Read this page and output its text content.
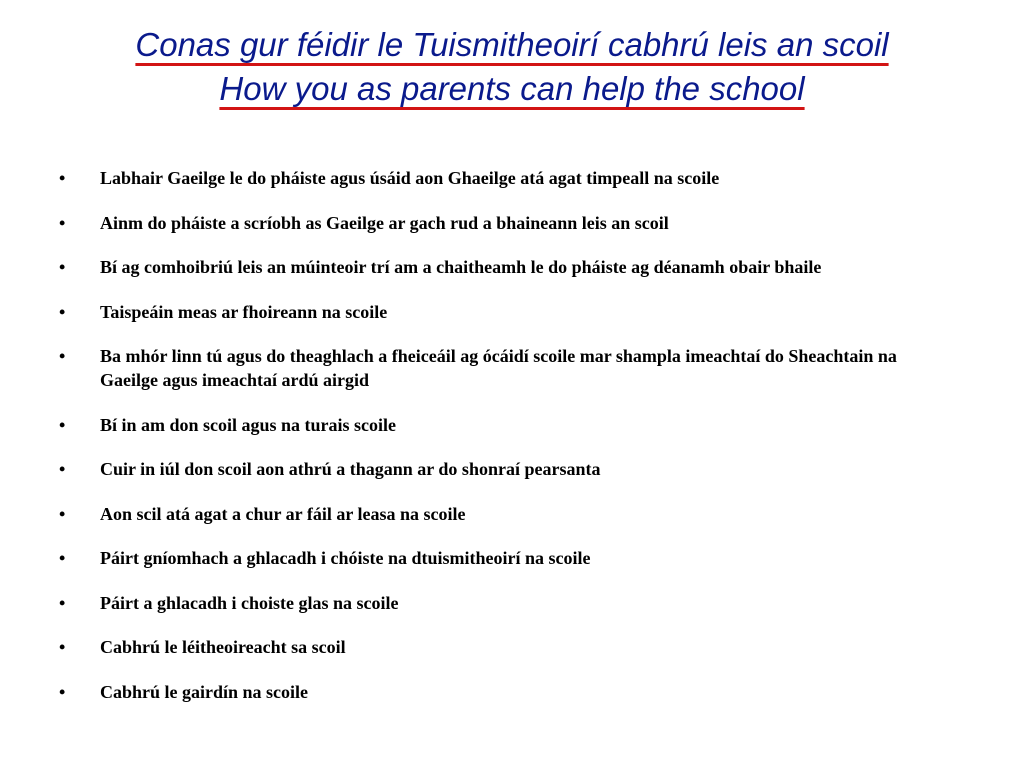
Conas gur féidir le Tuismitheoirí cabhrú leis an scoil
How you as parents can help the school
• Labhair Gaeilge le do pháiste agus úsáid aon Ghaeilge atá agat timpeall na scoile
• Ainm do pháiste a scríobh as Gaeilge ar gach rud a bhaineann leis an scoil
• Bí ag comhoibriú leis an múinteoir trí am a chaitheamh le do pháiste ag déanamh obair bhaile
• Taispeáin meas ar fhoireann na scoile
• Ba mhór linn tú agus do theaghlach a fheiceáil ag ócáidí scoile mar shampla imeachtaí do Sheachtain na Gaeilge agus imeachtaí ardú airgid
• Bí in am don scoil agus na turais scoile
• Cuir in iúl don scoil aon athrú a thagann ar do shonraí pearsanta
• Aon scil atá agat a chur ar fáil ar leasa na scoile
• Páirt gníomhach a ghlacadh i chóiste na dtuismitheoirí na scoile
• Páirt a ghlacadh i choiste glas na scoile
• Cabhrú le léitheoireacht sa scoil
• Cabhrú le gairdín na scoile
